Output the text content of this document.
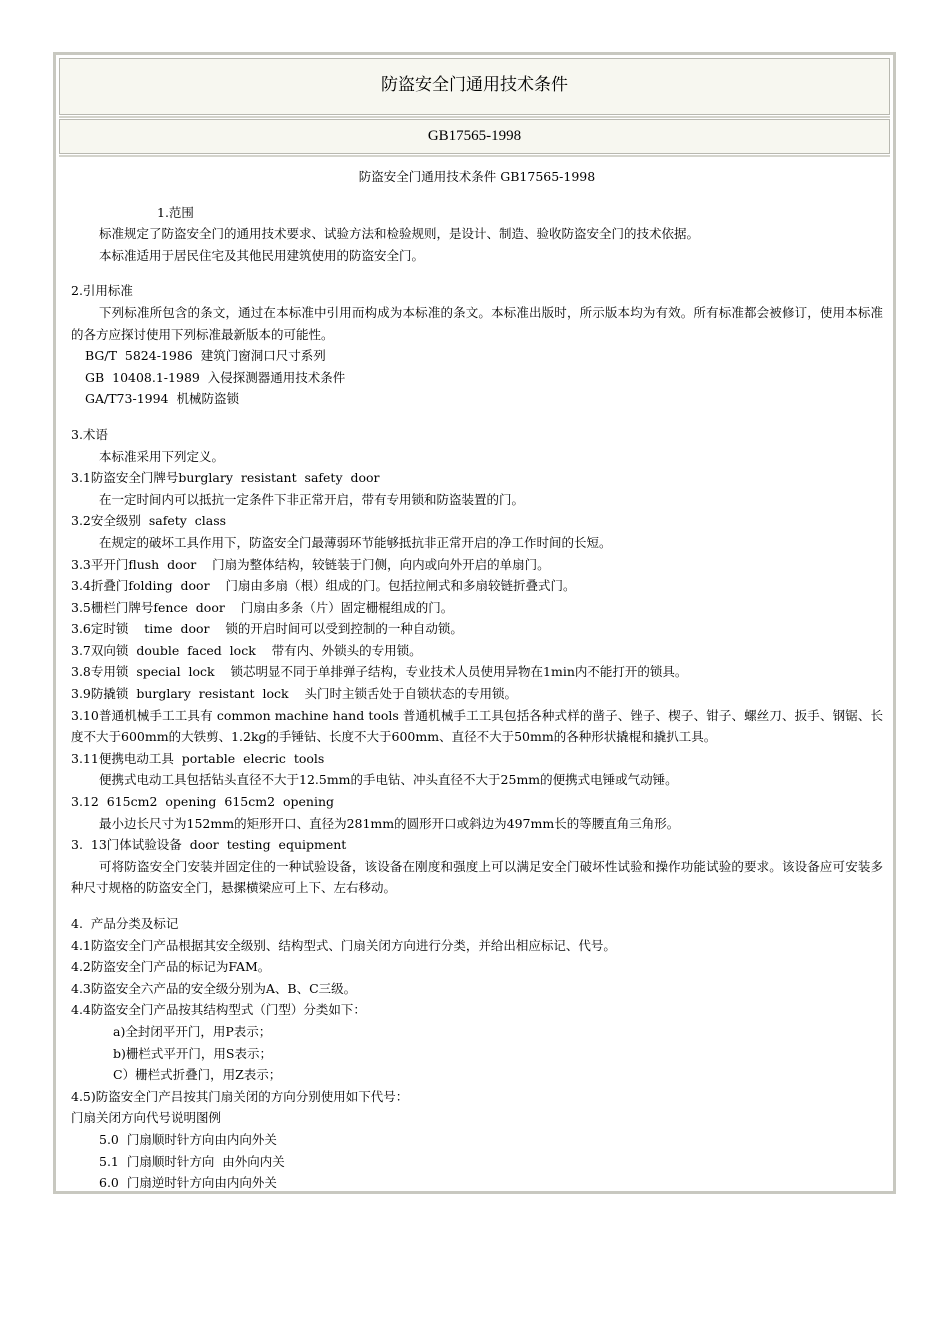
防盗安全门通用技术条件
GB17565-1998
防盗安全门通用技术条件 GB17565-1998
1.范围
标准规定了防盗安全门的通用技术要求、试验方法和检验规则，是设计、制造、验收防盗安全门的技术依据。
本标准适用于居民住宅及其他民用建筑使用的防盗安全门。
2.引用标准
下列标准所包含的条文，通过在本标准中引用而构成为本标准的条文。本标准出版时，所示版本均为有效。所有标准都会被修订，使用本标准的各方应探讨使用下列标准最新版本的可能性。
BG/T  5824-1986  建筑门窗洞口尺寸系列
GB  10408.1-1989  入侵探测器通用技术条件
GA/T73-1994  机械防盗锁
3.术语
本标准采用下列定义。
3.1防盗安全门牌号burglary  resistant  safety  door
在一定时间内可以抵抗一定条件下非正常开启，带有专用锁和防盗装置的门。
3.2安全级别  safety  class
在规定的破坏工具作用下，防盗安全门最薄弱环节能够抵抗非正常开启的净工作时间的长短。
3.3平开门flush  door    门扇为整体结构，较链装于门侧，向内或向外开启的单扇门。
3.4折叠门folding  door    门扇由多扇（根）组成的门。包括拉闸式和多扇较链折叠式门。
3.5栅栏门牌号fence  door    门扇由多条（片）固定栅棍组成的门。
3.6定时锁    time  door    锁的开启时间可以受到控制的一种自动锁。
3.7双向锁  double  faced  lock    带有内、外锁头的专用锁。
3.8专用锁  special  lock    锁芯明显不同于单排弹子结构，专业技术人员使用异物在1min内不能打开的锁具。
3.9防撬锁  burglary  resistant  lock    头门时主锁舌处于自锁状态的专用锁。
3.10普通机械手工工具有 common machine hand tools 普通机械手工工具包括各种式样的凿子、锉子、楔子、钳子、螺丝刀、扳手、钢锯、长度不大于600mm的大铁剪、1.2kg的手锤钻、长度不大于600mm、直径不大于50mm的各种形状撬棍和撬扒工具。
3.11便携电动工具  portable  elecric  tools
便携式电动工具包括钻头直径不大于12.5mm的手电钻、冲头直径不大于25mm的便携式电锤或气动锤。
3.12  615cm2  opening  615cm2  opening
最小边长尺寸为152mm的矩形开口、直径为281mm的圆形开口或斜边为497mm长的等腰直角三角形。
3.  13门体试验设备  door  testing  equipment
可将防盗安全门安装并固定住的一种试验设备，该设备在刚度和强度上可以满足安全门破坏性试验和操作功能试验的要求。该设备应可安装多种尺寸规格的防盗安全门，悬摞横梁应可上下、左右移动。
4.  产品分类及标记
4.1防盗安全门产品根据其安全级别、结构型式、门扇关闭方向进行分类，并给出相应标记、代号。
4.2防盗安全门产品的标记为FAM。
4.3防盗安全六产品的安全级分别为A、B、C三级。
4.4防盗安全门产品按其结构型式（门型）分类如下：
a)全封闭平开门，用P表示；
b)栅栏式平开门，用S表示；
C）栅栏式折叠门，用Z表示；
4.5)防盗安全门产吕按其门扇关闭的方向分别使用如下代号：
门扇关闭方向代号说明图例
5.0  门扇顺时针方向由内向外关
5.1  门扇顺时针方向  由外向内关
6.0  门扇逆时针方向由内向外关
